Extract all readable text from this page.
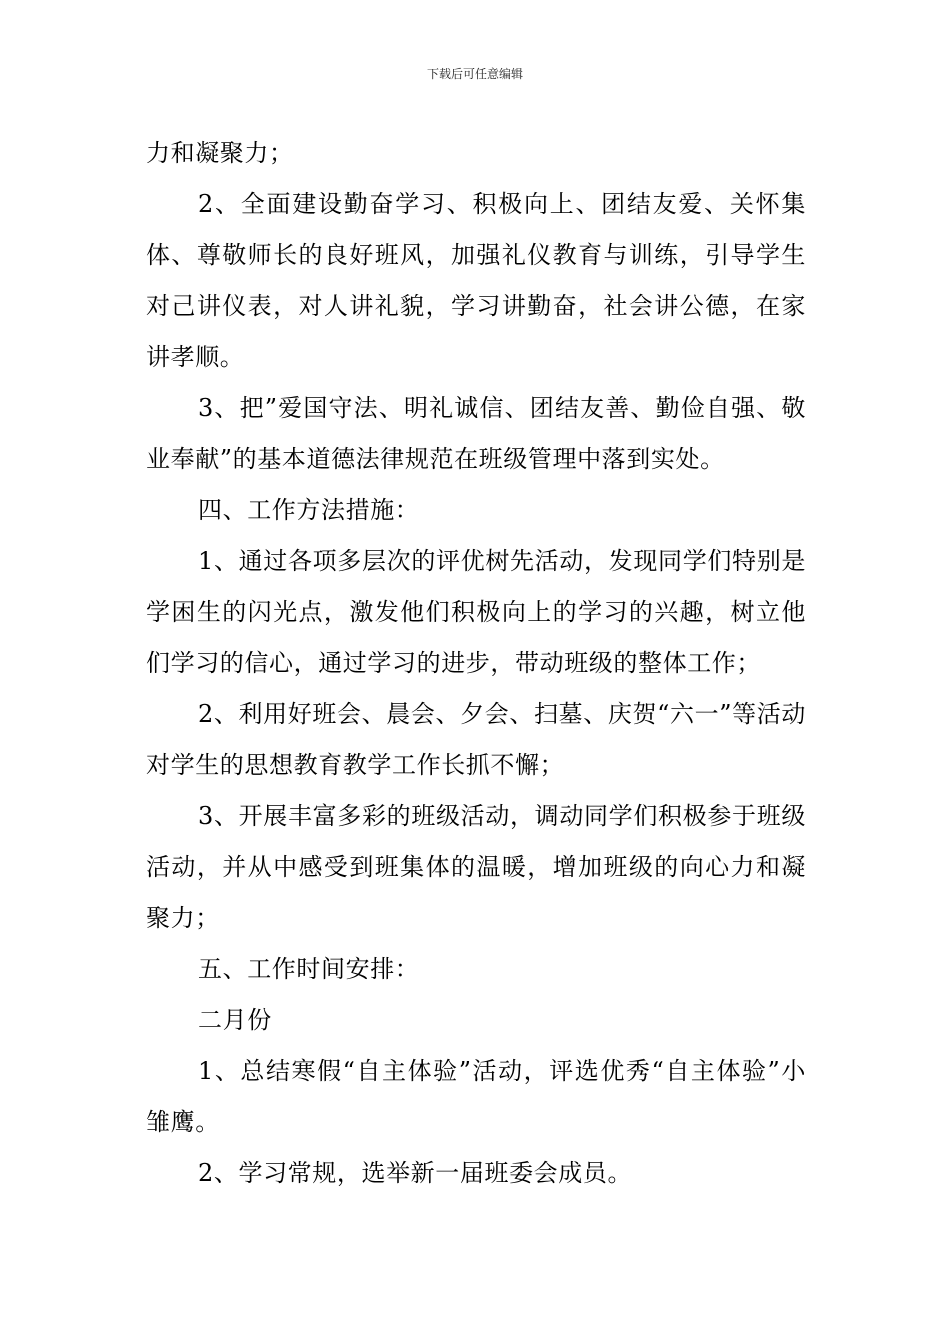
下载后可任意编辑

力和凝聚力；

2、全面建设勤奋学习、积极向上、团结友爱、关怀集体、尊敬师长的良好班风，加强礼仪教育与训练，引导学生对己讲仪表，对人讲礼貌，学习讲勤奋，社会讲公德，在家讲孝顺。

3、把”爱国守法、明礼诚信、团结友善、勤俭自强、敬业奉献”的基本道德法律规范在班级管理中落到实处。

四、工作方法措施：

1、通过各项多层次的评优树先活动，发现同学们特别是学困生的闪光点，激发他们积极向上的学习的兴趣，树立他们学习的信心，通过学习的进步，带动班级的整体工作；

2、利用好班会、晨会、夕会、扫墓、庆贺“六一”等活动对学生的思想教育教学工作长抓不懈；

3、开展丰富多彩的班级活动，调动同学们积极参于班级活动，并从中感受到班集体的温暖，增加班级的向心力和凝聚力；

五、工作时间安排：

二月份

1、总结寒假“自主体验”活动，评选优秀“自主体验”小雏鹰。

2、学习常规，选举新一届班委会成员。
